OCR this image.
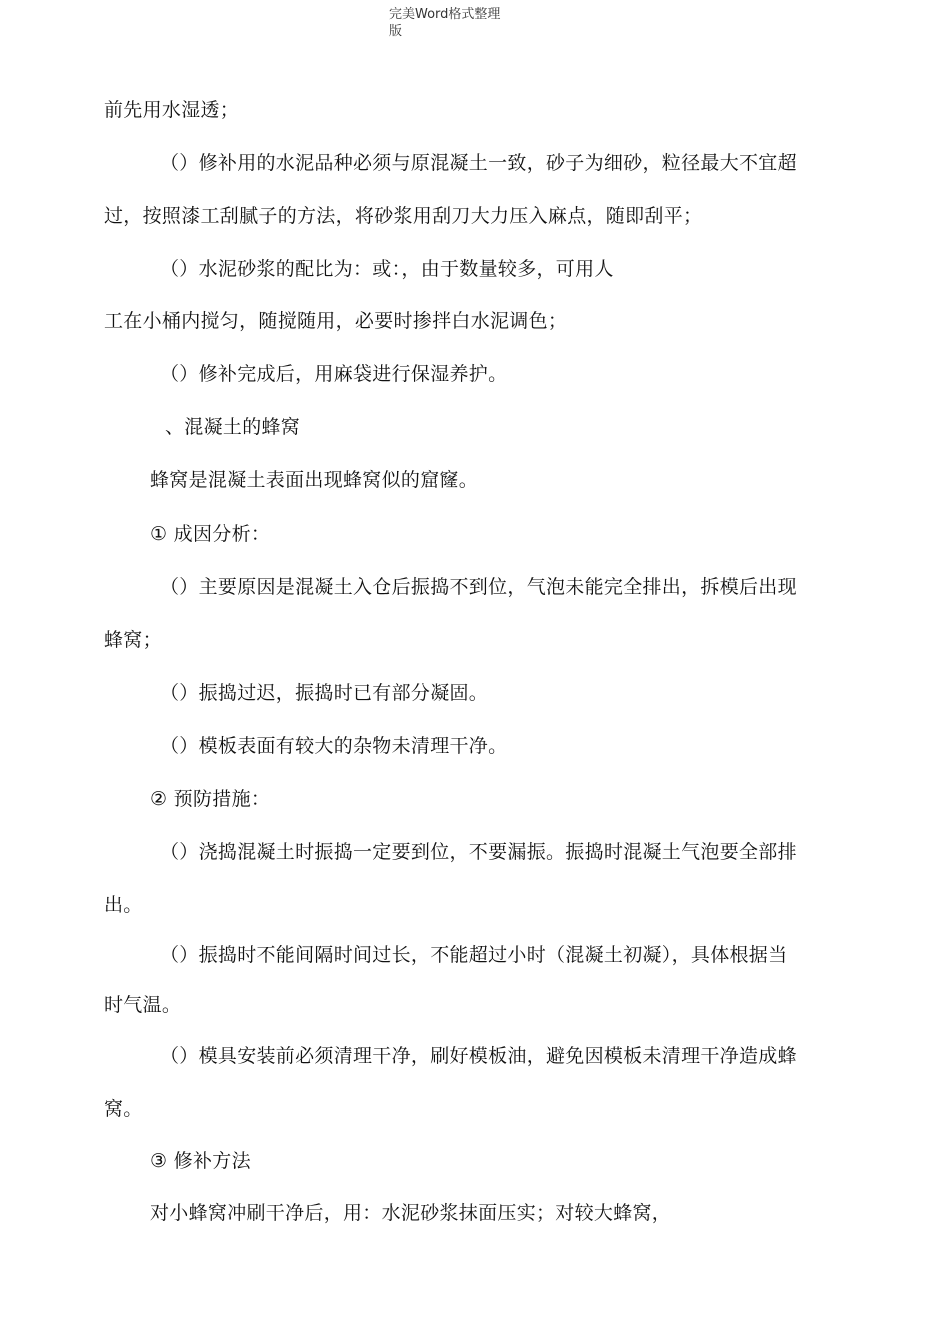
完美Word格式整理
版
前先用水湿透；
（）修补用的水泥品种必须与原混凝土一致，砂子为细砂，粒径最大不宜超
过，按照漆工刮腻子的方法，将砂浆用刮刀大力压入麻点，随即刮平；
（）水泥砂浆的配比为：或：，由于数量较多，可用人
工在小桶内搅匀，随搅随用，必要时掺拌白水泥调色；
（）修补完成后，用麻袋进行保湿养护。
、混凝土的蜂窝
蜂窝是混凝土表面出现蜂窝似的窟窿。
① 成因分析：
（）主要原因是混凝土入仓后振捣不到位，气泡未能完全排出，拆模后出现
蜂窝；
（）振捣过迟，振捣时已有部分凝固。
（）模板表面有较大的杂物未清理干净。
② 预防措施：
（）浇捣混凝土时振捣一定要到位，不要漏振。振捣时混凝土气泡要全部排
出。
（）振捣时不能间隔时间过长，不能超过小时（混凝土初凝），具体根据当
时气温。
（）模具安装前必须清理干净，刷好模板油，避免因模板未清理干净造成蜂
窝。
③ 修补方法
对小蜂窝冲刷干净后，用：水泥砂浆抹面压实；对较大蜂窝，
